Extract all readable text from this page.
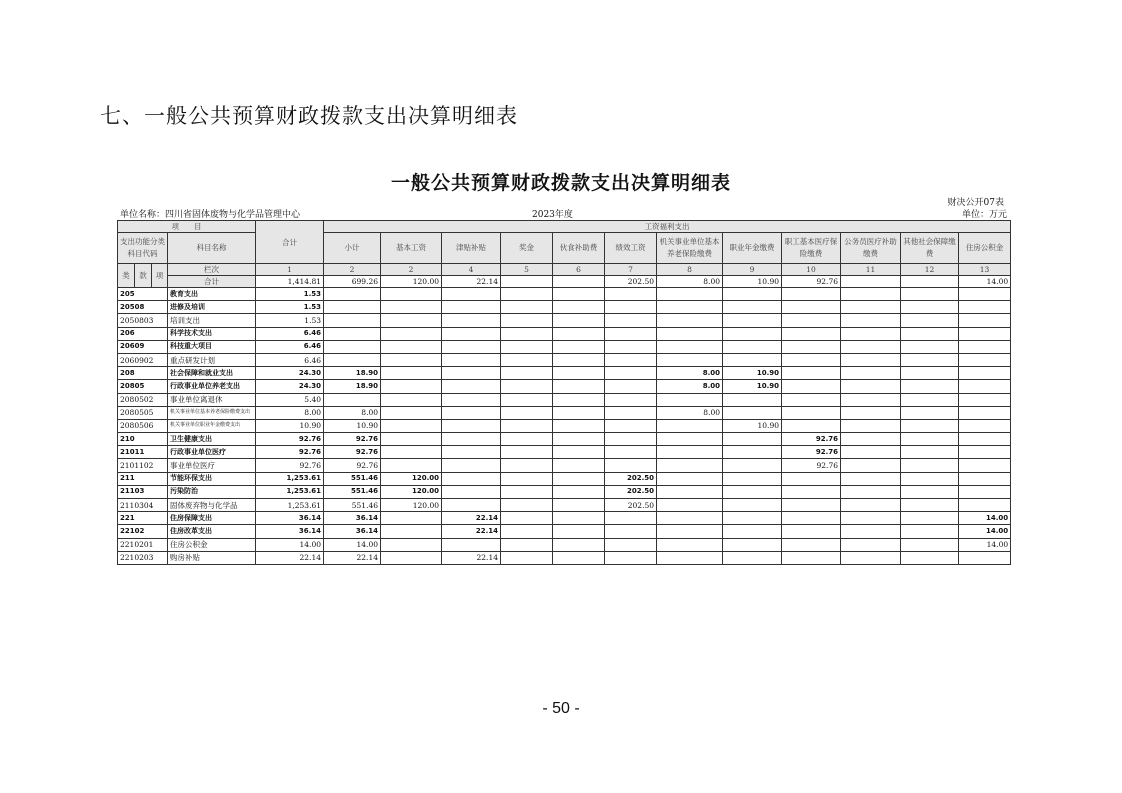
七、一般公共预算财政拨款支出决算明细表
一般公共预算财政拨款支出决算明细表
财决公开07表
单位名称：四川省固体废物与化学品管理中心	2023年度	单位：万元
项　　目				合计	工资福利支出											
支出功能分类科目代码			科目名称		小计	基本工资	津贴补贴	奖金	伙食补助费	绩效工资	机关事业单位基本养老保险缴费	职业年金缴费	职工基本医疗保险缴费	公务员医疗补助缴费	其他社会保障缴费	住房公积金
类	款	项	栏次	1	2	2	4	5	6	7	8	9	10	11	12	13
			合计	1,414.81	699.26	120.00	22.14			202.50	8.00	10.90	92.76			14.00
205			教育支出	1.53												
20508			进修及培训	1.53												
2050803			培训支出	1.53												
206			科学技术支出	6.46												
20609			科技重大项目	6.46												
2060902			重点研发计划	6.46												
208			社会保障和就业支出	24.30	18.90						8.00	10.90				
20805			行政事业单位养老支出	24.30	18.90						8.00	10.90				
2080502			事业单位离退休	5.40												
2080505			机关事业单位基本养老保险缴费支出	8.00	8.00						8.00					
2080506			机关事业单位职业年金缴费支出	10.90	10.90							10.90				
210			卫生健康支出	92.76	92.76								92.76			
21011			行政事业单位医疗	92.76	92.76								92.76			
2101102			事业单位医疗	92.76	92.76								92.76			
211			节能环保支出	1,253.61	551.46	120.00				202.50						
21103			污染防治	1,253.61	551.46	120.00				202.50						
2110304			固体废弃物与化学品	1,253.61	551.46	120.00				202.50						
221			住房保障支出	36.14	36.14		22.14									14.00
22102			住房改革支出	36.14	36.14		22.14									14.00
2210201			住房公积金	14.00	14.00											14.00
2210203			购房补贴	22.14	22.14		22.14									
- 50 -
